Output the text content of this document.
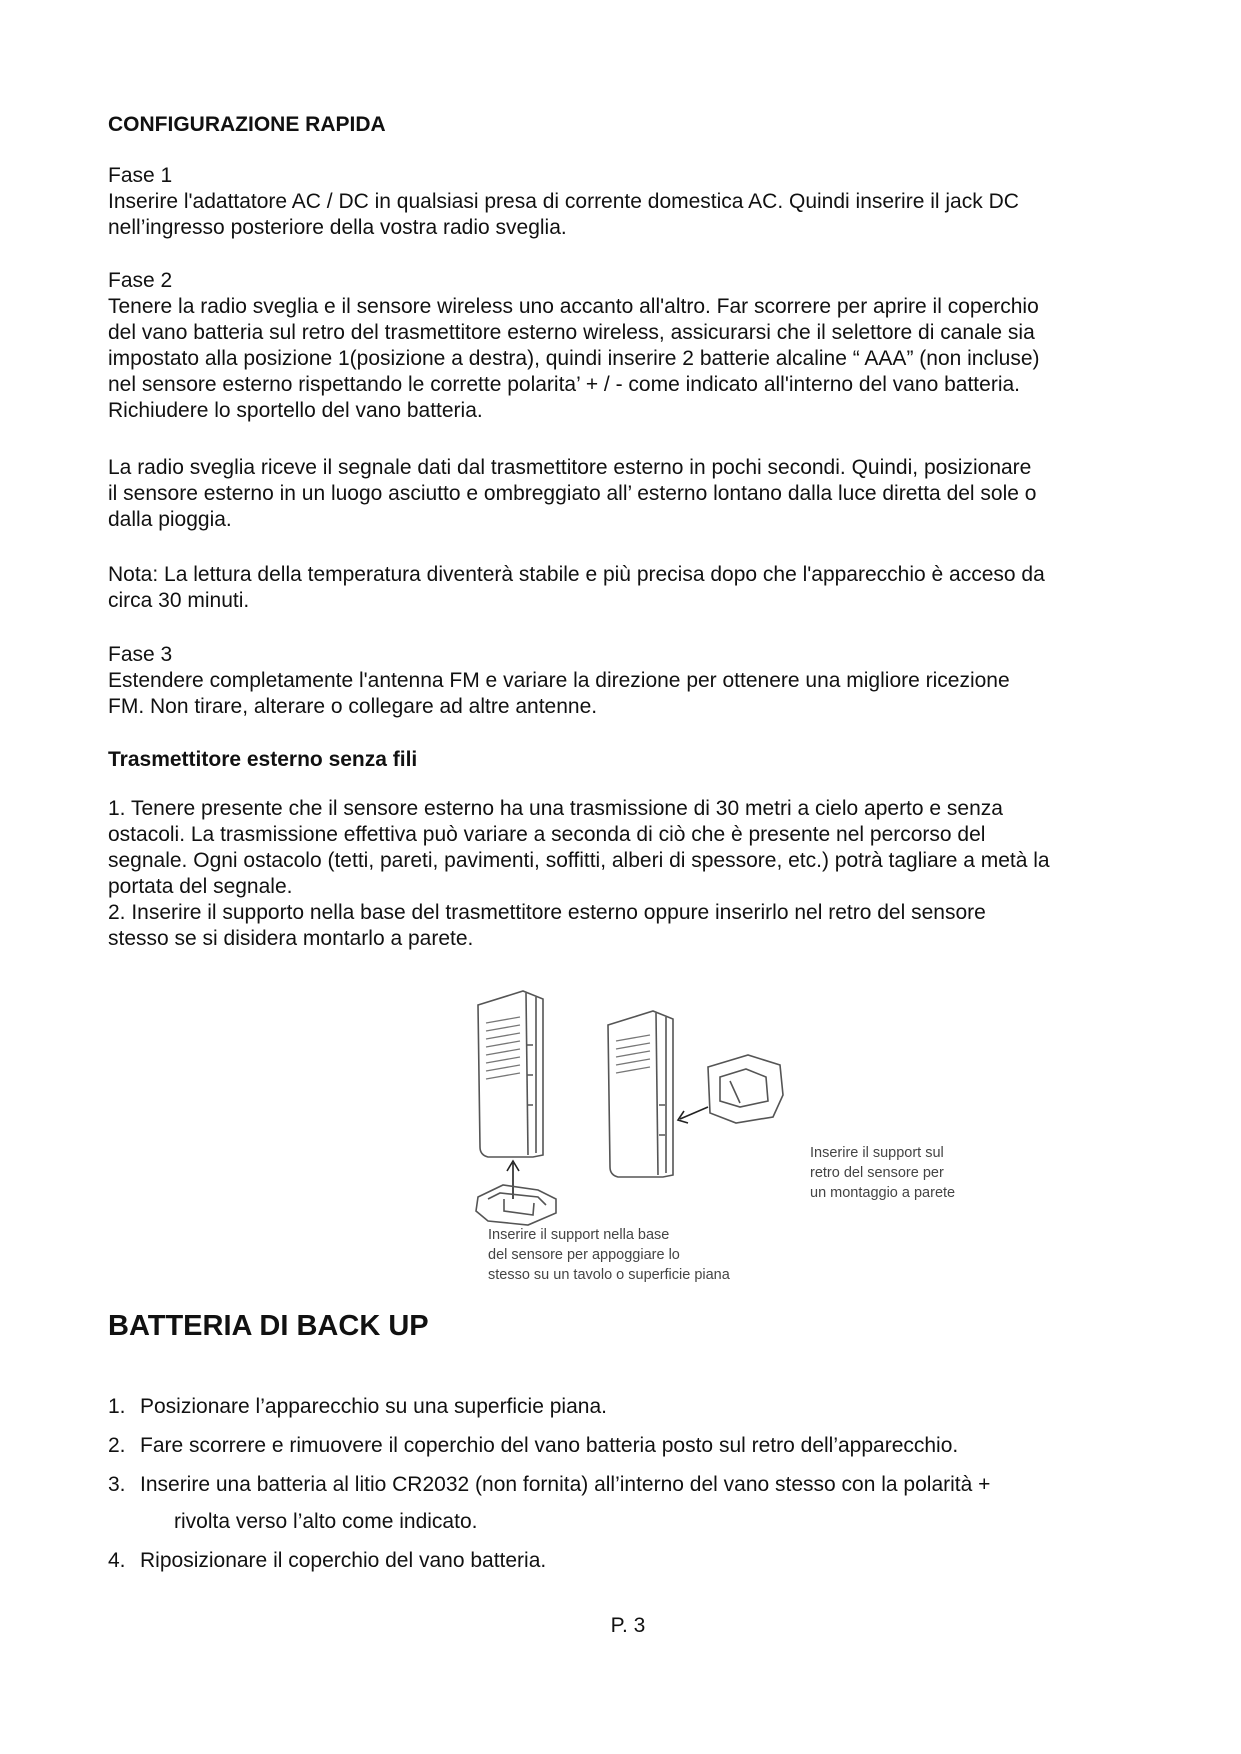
CONFIGURAZIONE RAPIDA

Fase 1

Inserire l'adattatore AC / DC in qualsiasi presa di corrente domestica AC. Quindi inserire il jack DC

nell’ingresso posteriore della vostra radio sveglia.

Fase 2

Tenere la radio sveglia e il sensore wireless uno accanto all'altro. Far scorrere per aprire il coperchio

del vano batteria sul retro del trasmettitore esterno wireless, assicurarsi che il selettore di canale sia

impostato alla posizione 1(posizione a destra), quindi inserire 2 batterie alcaline “ AAA” (non incluse)

nel sensore esterno rispettando le corrette polarita’ + / - come indicato all'interno del vano batteria.

Richiudere lo sportello del vano batteria.

La radio sveglia riceve il segnale dati dal trasmettitore esterno in pochi secondi. Quindi, posizionare

il sensore esterno in un luogo asciutto e ombreggiato all’ esterno lontano dalla luce diretta del sole o

dalla pioggia.

Nota: La lettura della temperatura diventerà stabile e più precisa dopo che l'apparecchio è acceso da

circa 30 minuti.

Fase 3

Estendere completamente l'antenna FM e variare la direzione per ottenere una migliore ricezione

FM. Non tirare, alterare o collegare ad altre antenne.

Trasmettitore esterno senza fili

1. Tenere presente che il sensore esterno ha una trasmissione di 30 metri a cielo aperto e senza

ostacoli. La trasmissione effettiva può variare a seconda di ciò che è presente nel percorso del

segnale. Ogni ostacolo (tetti, pareti, pavimenti, soffitti, alberi di spessore, etc.) potrà tagliare a metà la

portata del segnale.

2. Inserire il supporto nella base del trasmettitore esterno oppure inserirlo nel retro del sensore

stesso se si disidera montarlo a parete.

Inserire il support sul
retro del sensore per
un montaggio a parete
Inserire il support nella base
del sensore per appoggiare lo
stesso su un tavolo o superficie piana
BATTERIA DI BACK UP
1. Posizionare l’apparecchio su una superficie piana.
2. Fare scorrere e rimuovere il coperchio del vano batteria posto sul retro dell’apparecchio.
3. Inserire una batteria al litio CR2032 (non fornita) all’interno del vano stesso con la polarità +
rivolta verso l’alto come indicato.
4. Riposizionare il coperchio del vano batteria.
P. 3
